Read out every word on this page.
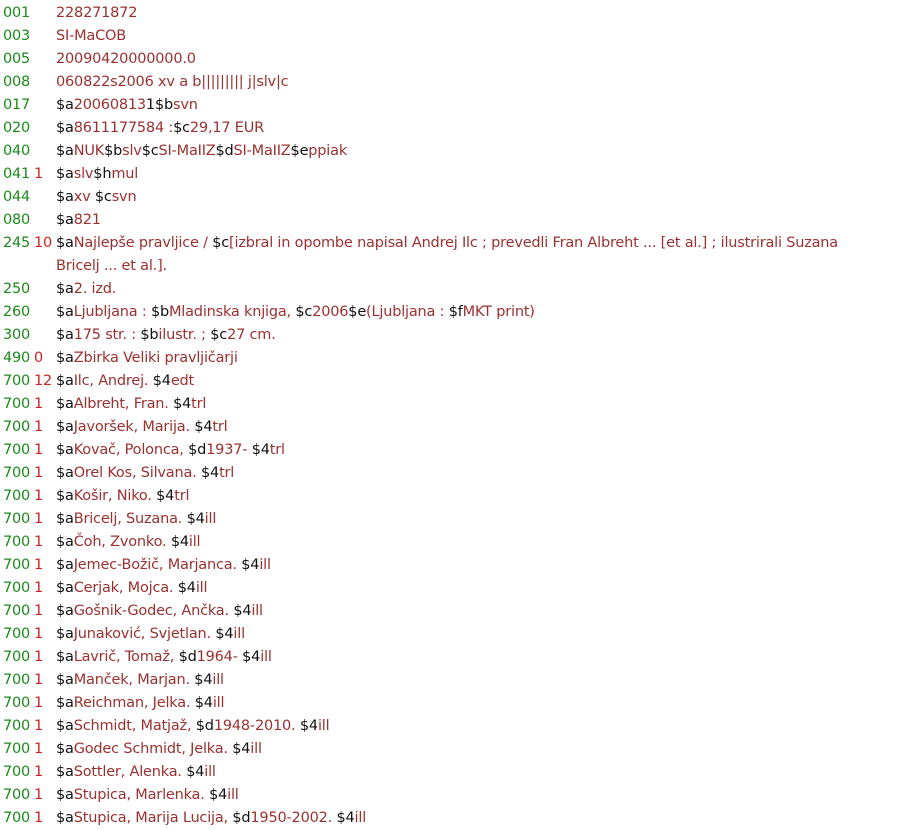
001 228271872
003 SI-MaCOB
005 20090420000000.0
008 060822s2006 xv a b||||||||| j|slv|c
017 $a200608131$bsvn
020 $a8611177584 :$c29,17 EUR
040 $aNUK$bslv$cSI-MaIIZ$dSI-MaIIZ$eppiak
041 1 $aslv$hmul
044 $axv $csvn
080 $a821
245 10 $aNajlepše pravljice / $c[izbral in opombe napisal Andrej Ilc ; prevedli Fran Albreht ... [et al.] ; ilustrirali Suzana Bricelj ... et al.].
250 $a2. izd.
260 $aLjubljana : $bMladinska knjiga, $c2006$e(Ljubljana : $fMKT print)
300 $a175 str. : $bilustr. ; $c27 cm.
490 0 $aZbirka Veliki pravljičarji
700 12 $aIlc, Andrej. $4edt
700 1 $aAlbreht, Fran. $4trl
700 1 $aJavoršek, Marija. $4trl
700 1 $aKovač, Polonca, $d1937- $4trl
700 1 $aOrel Kos, Silvana. $4trl
700 1 $aKošir, Niko. $4trl
700 1 $aBricelj, Suzana. $4ill
700 1 $aČoh, Zvonko. $4ill
700 1 $aJemec-Božič, Marjanca. $4ill
700 1 $aCerjak, Mojca. $4ill
700 1 $aGošnik-Godec, Ančka. $4ill
700 1 $aJunaković, Svjetlan. $4ill
700 1 $aLavrič, Tomaž, $d1964- $4ill
700 1 $aManček, Marjan. $4ill
700 1 $aReichman, Jelka. $4ill
700 1 $aSchmidt, Matjaž, $d1948-2010. $4ill
700 1 $aGodec Schmidt, Jelka. $4ill
700 1 $aSottler, Alenka. $4ill
700 1 $aStupica, Marlenka. $4ill
700 1 $aStupica, Marija Lucija, $d1950-2002. $4ill
